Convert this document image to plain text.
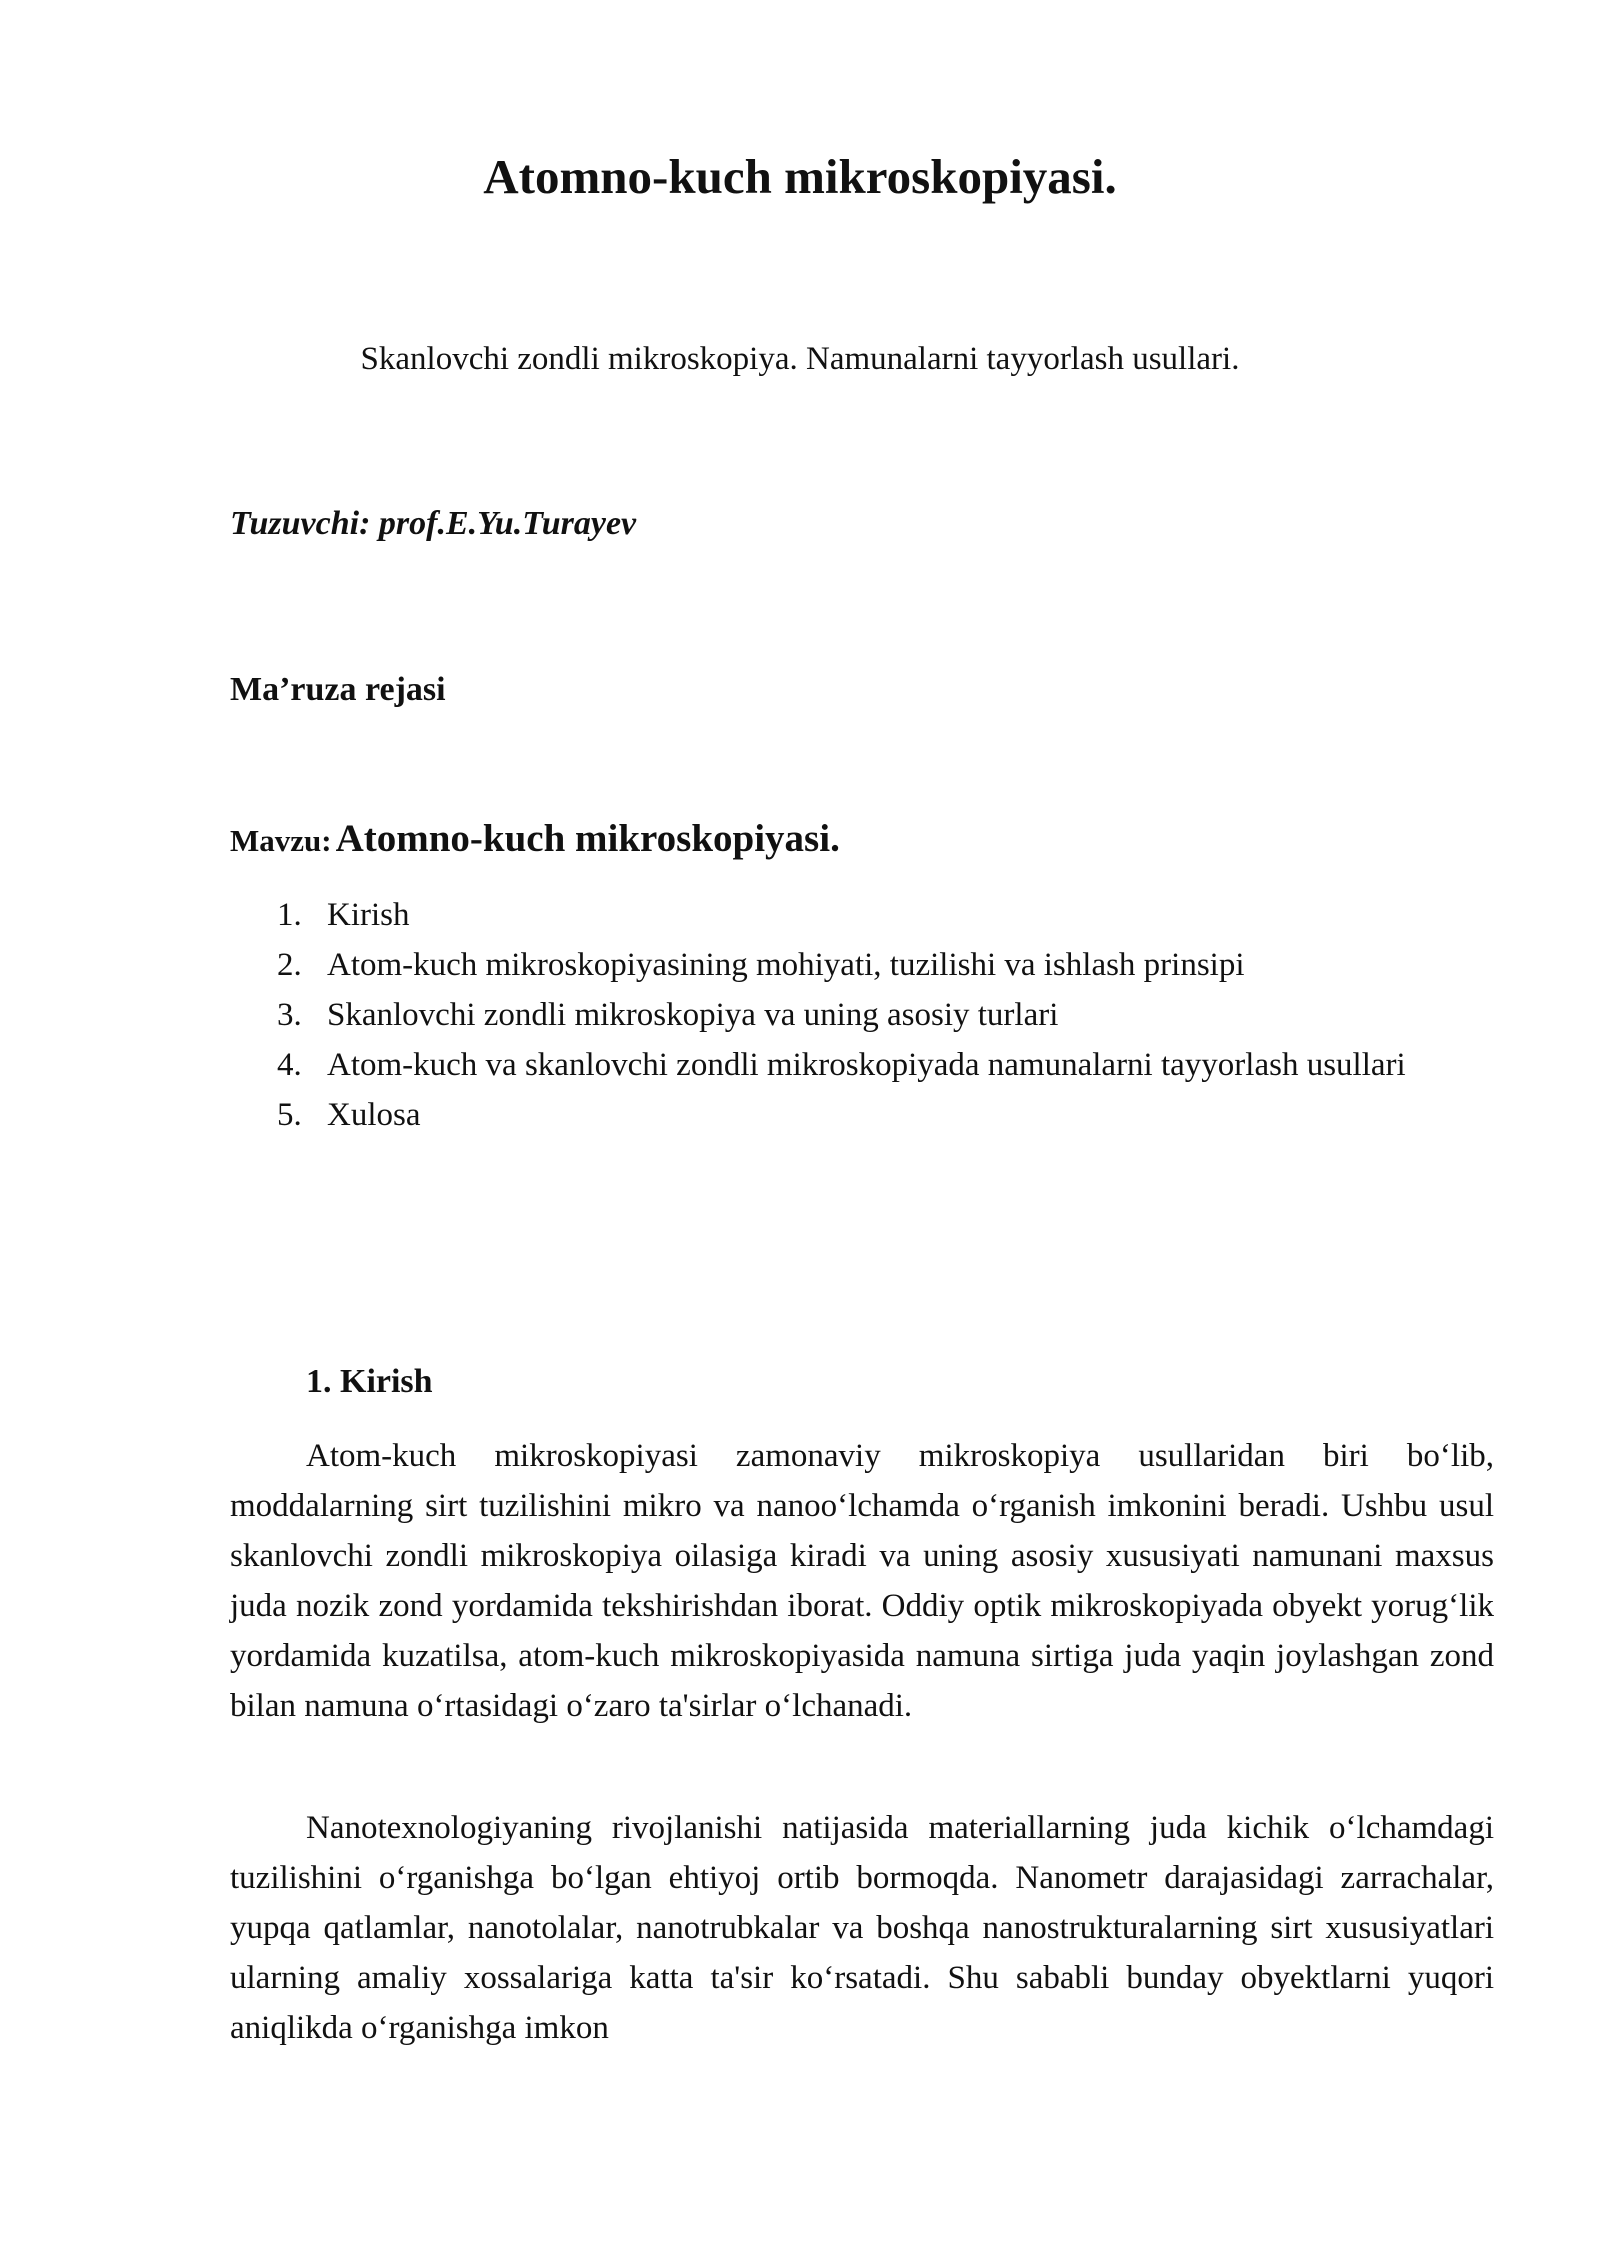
Atomno-kuch mikroskopiyasi.

Skanlovchi zondli mikroskopiya. Namunalarni tayyorlash usullari.

Tuzuvchi: prof.E.Yu.Turayev

Ma’ruza rejasi

Mavzu: Atomno-kuch mikroskopiyasi.

1. Kirish
2. Atom-kuch mikroskopiyasining mohiyati, tuzilishi va ishlash prinsipi
3. Skanlovchi zondli mikroskopiya va uning asosiy turlari
4. Atom-kuch va skanlovchi zondli mikroskopiyada namunalarni tayyorlash usullari
5. Xulosa

1. Kirish

Atom-kuch mikroskopiyasi zamonaviy mikroskopiya usullaridan biri bo‘lib, moddalarning sirt tuzilishini mikro va nanoo‘lchamda o‘rganish imkonini beradi. Ushbu usul skanlovchi zondli mikroskopiya oilasiga kiradi va uning asosiy xususiyati namunani maxsus juda nozik zond yordamida tekshirishdan iborat. Oddiy optik mikroskopiyada obyekt yorug‘lik yordamida kuzatilsa, atom-kuch mikroskopiyasida namuna sirtiga juda yaqin joylashgan zond bilan namuna o‘rtasidagi o‘zaro ta'sirlar o‘lchanadi.

Nanotexnologiyaning rivojlanishi natijasida materiallarning juda kichik o‘lchamdagi tuzilishini o‘rganishga bo‘lgan ehtiyoj ortib bormoqda. Nanometr darajasidagi zarrachalar, yupqa qatlamlar, nanotolalar, nanotrubkalar va boshqa nanostrukturalarning sirt xususiyatlari ularning amaliy xossalariga katta ta'sir ko‘rsatadi. Shu sababli bunday obyektlarni yuqori aniqlikda o‘rganishga imkon
